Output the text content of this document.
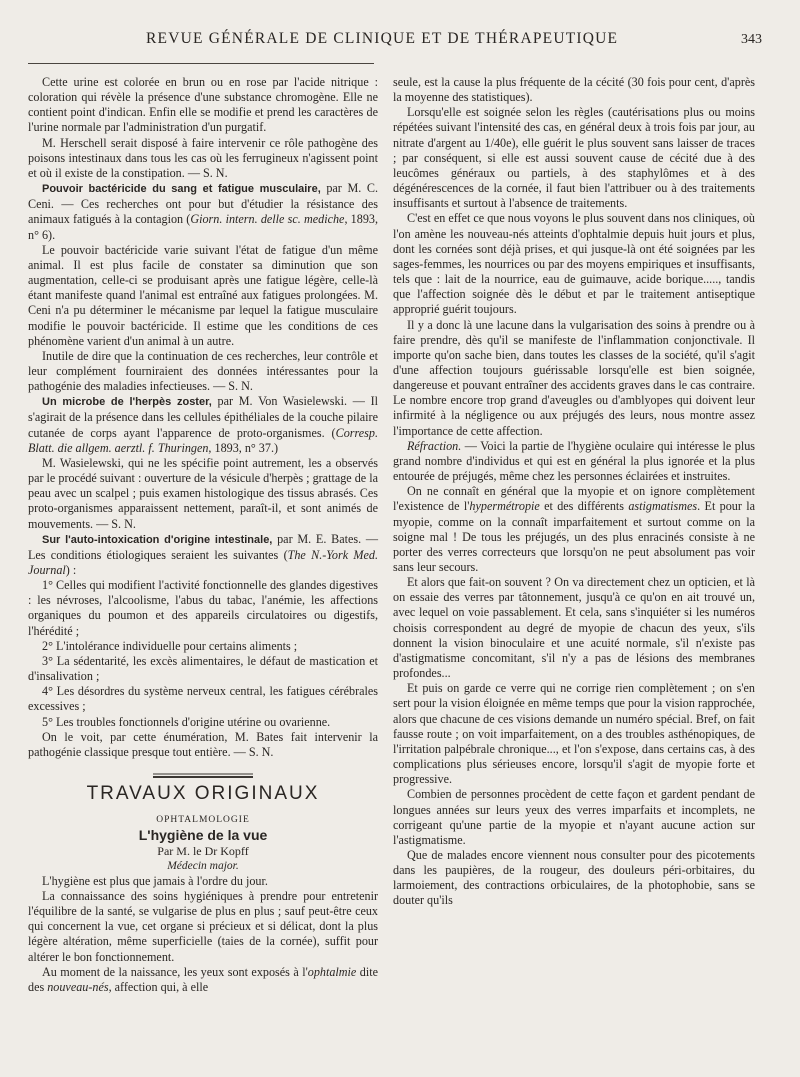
REVUE GÉNÉRALE DE CLINIQUE ET DE THÉRAPEUTIQUE	343

Cette urine est colorée en brun ou en rose par l'acide nitrique : coloration qui révèle la présence d'une substance chromogène. Elle ne contient point d'indican. Enfin elle se modifie et prend les caractères de l'urine normale par l'administration d'un purgatif.

M. Herschell serait disposé à faire intervenir ce rôle pathogène des poisons intestinaux dans tous les cas où les ferrugineux n'agissent point et où il existe de la constipation. — S. N.

Pouvoir bactéricide du sang et fatigue musculaire, par M. C. Ceni. — Ces recherches ont pour but d'étudier la résistance des animaux fatigués à la contagion (Giorn. intern. delle sc. mediche, 1893, n° 6).

Le pouvoir bactéricide varie suivant l'état de fatigue d'un même animal. Il est plus facile de constater sa diminution que son augmentation, celle-ci se produisant après une fatigue légère, celle-là étant manifeste quand l'animal est entraîné aux fatigues prolongées. M. Ceni n'a pu déterminer le mécanisme par lequel la fatigue musculaire modifie le pouvoir bactéricide. Il estime que les conditions de ces phénomène varient d'un animal à un autre.

Inutile de dire que la continuation de ces recherches, leur contrôle et leur complément fourniraient des données intéressantes pour la pathogénie des maladies infectieuses. — S. N.

Un microbe de l'herpès zoster, par M. Von Wasielewski. — Il s'agirait de la présence dans les cellules épithéliales de la couche pilaire cutanée de corps ayant l'apparence de proto-organismes. (Corresp. Blatt. die allgem. aerztl. f. Thuringen, 1893, n° 37.)

M. Wasielewski, qui ne les spécifie point autrement, les a observés par le procédé suivant : ouverture de la vésicule d'herpès ; grattage de la peau avec un scalpel ; puis examen histologique des tissus abrasés. Ces proto-organismes apparaissent nettement, paraît-il, et sont animés de mouvements. — S. N.

Sur l'auto-intoxication d'origine intestinale, par M. E. Bates. — Les conditions étiologiques seraient les suivantes (The N.-York Med. Journal) :

1° Celles qui modifient l'activité fonctionnelle des glandes digestives : les névroses, l'alcoolisme, l'abus du tabac, l'anémie, les affections organiques du poumon et des appareils circulatoires ou digestifs, l'hérédité ;

2° L'intolérance individuelle pour certains aliments ;

3° La sédentarité, les excès alimentaires, le défaut de mastication et d'insalivation ;

4° Les désordres du système nerveux central, les fatigues cérébrales excessives ;

5° Les troubles fonctionnels d'origine utérine ou ovarienne.

On le voit, par cette énumération, M. Bates fait intervenir la pathogénie classique presque tout entière. — S. N.

TRAVAUX ORIGINAUX

OPHTALMOLOGIE

L'hygiène de la vue

Par M. le Dr Kopff

Médecin major.

L'hygiène est plus que jamais à l'ordre du jour.

La connaissance des soins hygiéniques à prendre pour entretenir l'équilibre de la santé, se vulgarise de plus en plus ; sauf peut-être ceux qui concernent la vue, cet organe si précieux et si délicat, dont la plus légère altération, même superficielle (taies de la cornée), suffit pour altérer le bon fonctionnement.

Au moment de la naissance, les yeux sont exposés à l'ophtalmie dite des nouveau-nés, affection qui, à elle

seule, est la cause la plus fréquente de la cécité (30 fois pour cent, d'après la moyenne des statistiques).

Lorsqu'elle est soignée selon les règles (cautérisations plus ou moins répétées suivant l'intensité des cas, en général deux à trois fois par jour, au nitrate d'argent au 1/40e), elle guérit le plus souvent sans laisser de traces ; par conséquent, si elle est aussi souvent cause de cécité due à des leucômes généraux ou partiels, à des staphylômes et à des dégénérescences de la cornée, il faut bien l'attribuer ou à des traitements insuffisants et surtout à l'absence de traitements.

C'est en effet ce que nous voyons le plus souvent dans nos cliniques, où l'on amène les nouveau-nés atteints d'ophtalmie depuis huit jours et plus, dont les cornées sont déjà prises, et qui jusque-là ont été soignées par les sages-femmes, les nourrices ou par des moyens empiriques et insuffisants, tels que : lait de la nourrice, eau de guimauve, acide borique....., tandis que l'affection soignée dès le début et par le traitement antiseptique approprié guérit toujours.

Il y a donc là une lacune dans la vulgarisation des soins à prendre ou à faire prendre, dès qu'il se manifeste de l'inflammation conjonctivale. Il importe qu'on sache bien, dans toutes les classes de la société, qu'il s'agit d'une affection toujours guérissable lorsqu'elle est bien soignée, dangereuse et pouvant entraîner des accidents graves dans le cas contraire. Le nombre encore trop grand d'aveugles ou d'amblyopes qui doivent leur infirmité à la négligence ou aux préjugés des leurs, nous montre assez l'importance de cette affection.

Réfraction. — Voici la partie de l'hygiène oculaire qui intéresse le plus grand nombre d'individus et qui est en général la plus ignorée et la plus entourée de préjugés, même chez les personnes éclairées et instruites.

On ne connaît en général que la myopie et on ignore complètement l'existence de l'hypermétropie et des différents astigmatismes. Et pour la myopie, comme on la connaît imparfaitement et surtout comme on la soigne mal ! De tous les préjugés, un des plus enracinés consiste à ne porter des verres correcteurs que lorsqu'on ne peut absolument pas voir sans leur secours.

Et alors que fait-on souvent ? On va directement chez un opticien, et là on essaie des verres par tâtonnement, jusqu'à ce qu'on en ait trouvé un, avec lequel on voie passablement. Et cela, sans s'inquiéter si les numéros choisis correspondent au degré de myopie de chacun des yeux, s'ils donnent la vision binoculaire et une acuité normale, s'il n'existe pas d'astigmatisme concomitant, s'il n'y a pas de lésions des membranes profondes...

Et puis on garde ce verre qui ne corrige rien complètement ; on s'en sert pour la vision éloignée en même temps que pour la vision rapprochée, alors que chacune de ces visions demande un numéro spécial. Bref, on fait fausse route ; on voit imparfaitement, on a des troubles asthénopiques, de l'irritation palpébrale chronique..., et l'on s'expose, dans certains cas, à des complications plus sérieuses encore, lorsqu'il s'agit de myopie forte et progressive.

Combien de personnes procèdent de cette façon et gardent pendant de longues années sur leurs yeux des verres imparfaits et incomplets, ne corrigeant qu'une partie de la myopie et n'ayant aucune action sur l'astigmatisme.

Que de malades encore viennent nous consulter pour des picotements dans les paupières, de la rougeur, des douleurs péri-orbitaires, du larmoiement, des contractions orbiculaires, de la photophobie, sans se douter qu'ils
